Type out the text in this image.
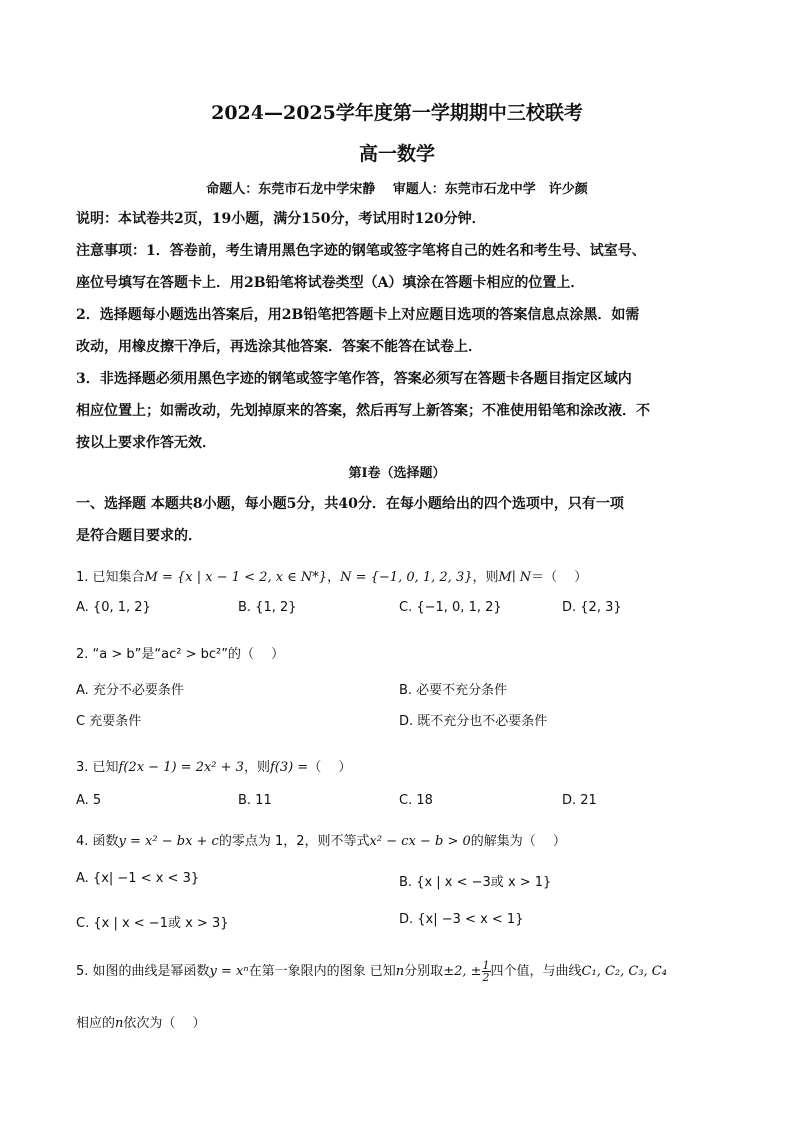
2024—2025学年度第一学期期中三校联考
高一数学
命题人：东莞市石龙中学宋静　 审题人：东莞市石龙中学　许少颜
说明：本试卷共2页，19小题，满分150分，考试用时120分钟．
注意事项：1．答卷前，考生请用黑色字迹的钢笔或签字笔将自己的姓名和考生号、试室号、
座位号填写在答题卡上．用2B铅笔将试卷类型（A）填涂在答题卡相应的位置上．
2．选择题每小题选出答案后，用2B铅笔把答题卡上对应题目选项的答案信息点涂黑．如需
改动，用橡皮擦干净后，再选涂其他答案．答案不能答在试卷上．
3．非选择题必须用黑色字迹的钢笔或签字笔作答，答案必须写在答题卡各题目指定区域内
相应位置上；如需改动，先划掉原来的答案，然后再写上新答案；不准使用铅笔和涂改液．不
按以上要求作答无效．
第Ⅰ卷（选择题）
一、选择题 本题共8小题，每小题5分，共40分．在每小题给出的四个选项中，只有一项
是符合题目要求的．
1. 已知集合M = {x | x − 1 < 2, x ∈ N*}，N = {−1, 0, 1, 2, 3}，则M∣ N＝（　 ）
A. {0, 1, 2}	B. {1, 2}	C. {−1, 0, 1, 2}	D. {2, 3}
2. “a > b”是“ac² > bc²”的（　 ）
A. 充分不必要条件	B. 必要不充分条件
C 充要条件	D. 既不充分也不必要条件
3. 已知f(2x − 1) = 2x² + 3，则f(3) =（　 ）
A. 5	B. 11	C. 18	D. 21
4. 函数y = x² − bx + c的零点为 1，2，则不等式x² − cx − b > 0的解集为（　 ）
A. {x| −1 < x < 3}	B. {x | x < −3或 x > 1}
C. {x | x < −1或 x > 3}	D. {x| −3 < x < 1}
5. 如图的曲线是幂函数y = xⁿ在第一象限内的图象 已知n分别取±2, ± $\frac{1}{2}$ 四个值，与曲线C₁, C₂, C₃, C₄
相应的n依次为（　 ）
